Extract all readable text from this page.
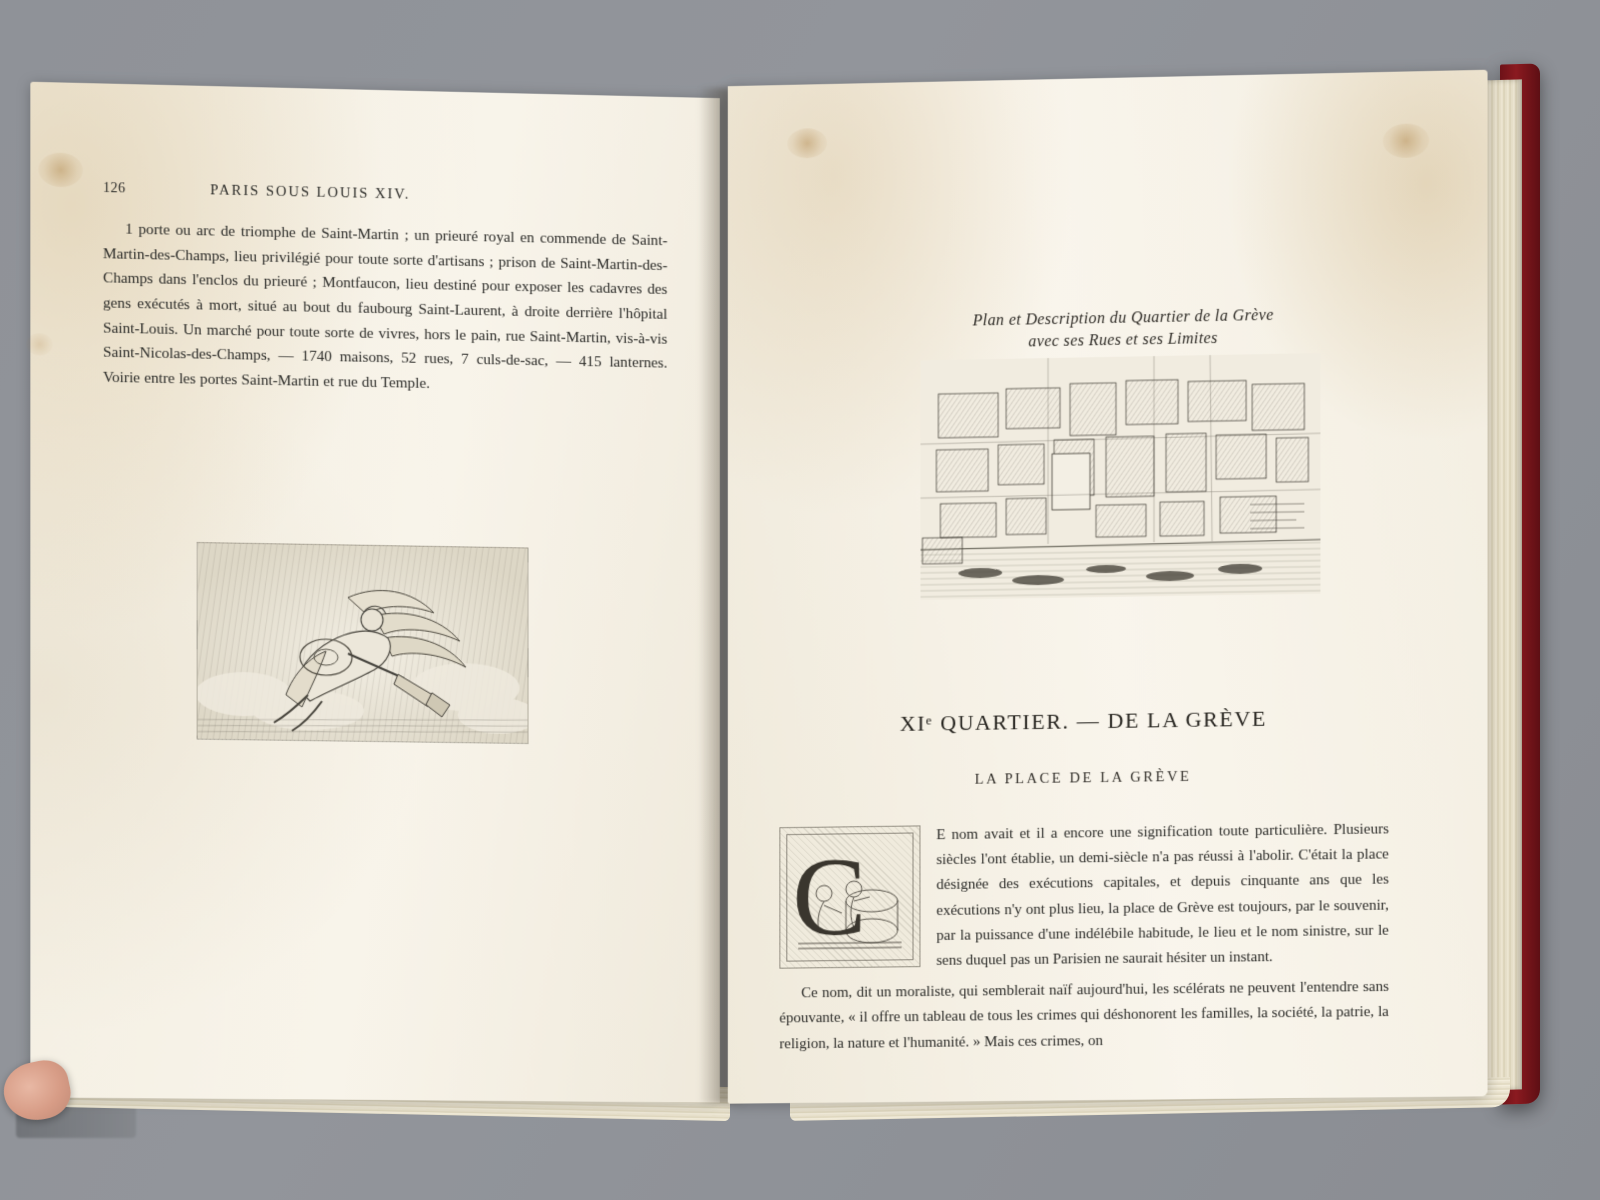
126	PARIS SOUS LOUIS XIV.

1 porte ou arc de triomphe de Saint-Martin ; un prieuré royal en commende de Saint-Martin-des-Champs, lieu privilégié pour toute sorte d'artisans ; prison de Saint-Martin-des-Champs dans l'enclos du prieuré ; Montfaucon, lieu destiné pour exposer les cadavres des gens exécutés à mort, situé au bout du faubourg Saint-Laurent, à droite derrière l'hôpital Saint-Louis. Un marché pour toute sorte de vivres, hors le pain, rue Saint-Martin, vis-à-vis Saint-Nicolas-des-Champs, — 1740 maisons, 52 rues, 7 culs-de-sac, — 415 lanternes. Voirie entre les portes Saint-Martin et rue du Temple.

Plan et Description du Quartier de la Grève
avec ses Rues et ses Limites
XIᵉ QUARTIER. — DE LA GRÈVE
LA PLACE DE LA GRÈVE
C

E nom avait et il a encore une signification toute particulière. Plusieurs siècles l'ont établie, un demi-siècle n'a pas réussi à l'abolir. C'était la place désignée des exécutions capitales, et depuis cinquante ans que les exécutions n'y ont plus lieu, la place de Grève est toujours, par le souvenir, par la puissance d'une indélébile habitude, le lieu et le nom sinistre, sur le sens duquel pas un Parisien ne saurait hésiter un instant.

Ce nom, dit un moraliste, qui semblerait naïf aujourd'hui, les scélérats ne peuvent l'entendre sans épouvante, « il offre un tableau de tous les crimes qui déshonorent les familles, la société, la patrie, la religion, la nature et l'humanité. » Mais ces crimes, on
